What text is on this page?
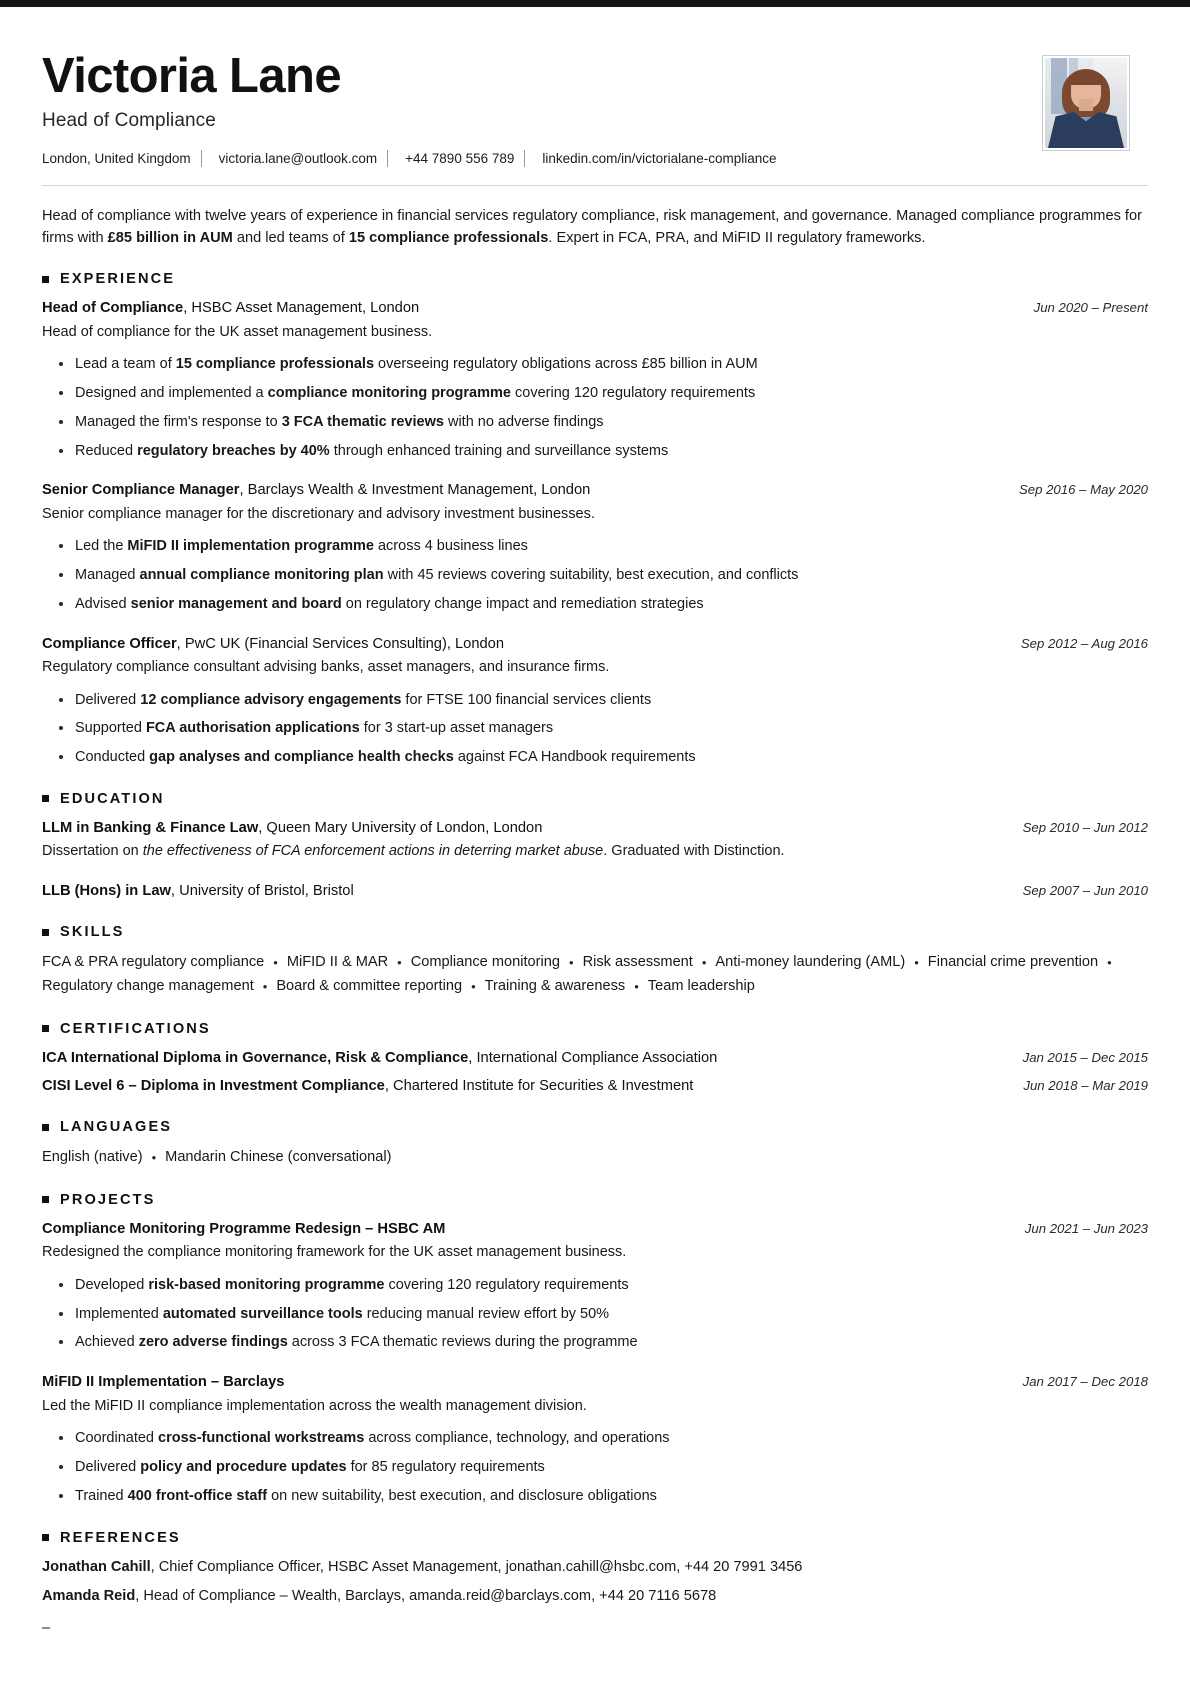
Victoria Lane
Head of Compliance
London, United Kingdom victoria.lane@outlook.com +44 7890 556 789 linkedin.com/in/victorialane-compliance
Head of compliance with twelve years of experience in financial services regulatory compliance, risk management, and governance. Managed compliance programmes for firms with £85 billion in AUM and led teams of 15 compliance professionals. Expert in FCA, PRA, and MiFID II regulatory frameworks.
EXPERIENCE
Head of Compliance, HSBC Asset Management, London	Jun 2020 – Present
Head of compliance for the UK asset management business.
Lead a team of 15 compliance professionals overseeing regulatory obligations across £85 billion in AUM
Designed and implemented a compliance monitoring programme covering 120 regulatory requirements
Managed the firm's response to 3 FCA thematic reviews with no adverse findings
Reduced regulatory breaches by 40% through enhanced training and surveillance systems
Senior Compliance Manager, Barclays Wealth & Investment Management, London	Sep 2016 – May 2020
Senior compliance manager for the discretionary and advisory investment businesses.
Led the MiFID II implementation programme across 4 business lines
Managed annual compliance monitoring plan with 45 reviews covering suitability, best execution, and conflicts
Advised senior management and board on regulatory change impact and remediation strategies
Compliance Officer, PwC UK (Financial Services Consulting), London	Sep 2012 – Aug 2016
Regulatory compliance consultant advising banks, asset managers, and insurance firms.
Delivered 12 compliance advisory engagements for FTSE 100 financial services clients
Supported FCA authorisation applications for 3 start-up asset managers
Conducted gap analyses and compliance health checks against FCA Handbook requirements
EDUCATION
LLM in Banking & Finance Law, Queen Mary University of London, London	Sep 2010 – Jun 2012
Dissertation on the effectiveness of FCA enforcement actions in deterring market abuse. Graduated with Distinction.
LLB (Hons) in Law, University of Bristol, Bristol	Sep 2007 – Jun 2010
SKILLS
FCA & PRA regulatory compliance • MiFID II & MAR • Compliance monitoring • Risk assessment • Anti-money laundering (AML) • Financial crime prevention •Regulatory change management • Board & committee reporting • Training & awareness • Team leadership
CERTIFICATIONS
ICA International Diploma in Governance, Risk & Compliance, International Compliance Association	Jan 2015 – Dec 2015
CISI Level 6 – Diploma in Investment Compliance, Chartered Institute for Securities & Investment	Jun 2018 – Mar 2019
LANGUAGES
English (native) • Mandarin Chinese (conversational)
PROJECTS
Compliance Monitoring Programme Redesign – HSBC AM	Jun 2021 – Jun 2023
Redesigned the compliance monitoring framework for the UK asset management business.
Developed risk-based monitoring programme covering 120 regulatory requirements
Implemented automated surveillance tools reducing manual review effort by 50%
Achieved zero adverse findings across 3 FCA thematic reviews during the programme
MiFID II Implementation – Barclays	Jan 2017 – Dec 2018
Led the MiFID II compliance implementation across the wealth management division.
Coordinated cross-functional workstreams across compliance, technology, and operations
Delivered policy and procedure updates for 85 regulatory requirements
Trained 400 front-office staff on new suitability, best execution, and disclosure obligations
REFERENCES
Jonathan Cahill, Chief Compliance Officer, HSBC Asset Management, jonathan.cahill@hsbc.com, +44 20 7991 3456
Amanda Reid, Head of Compliance – Wealth, Barclays, amanda.reid@barclays.com, +44 20 7116 5678
–
